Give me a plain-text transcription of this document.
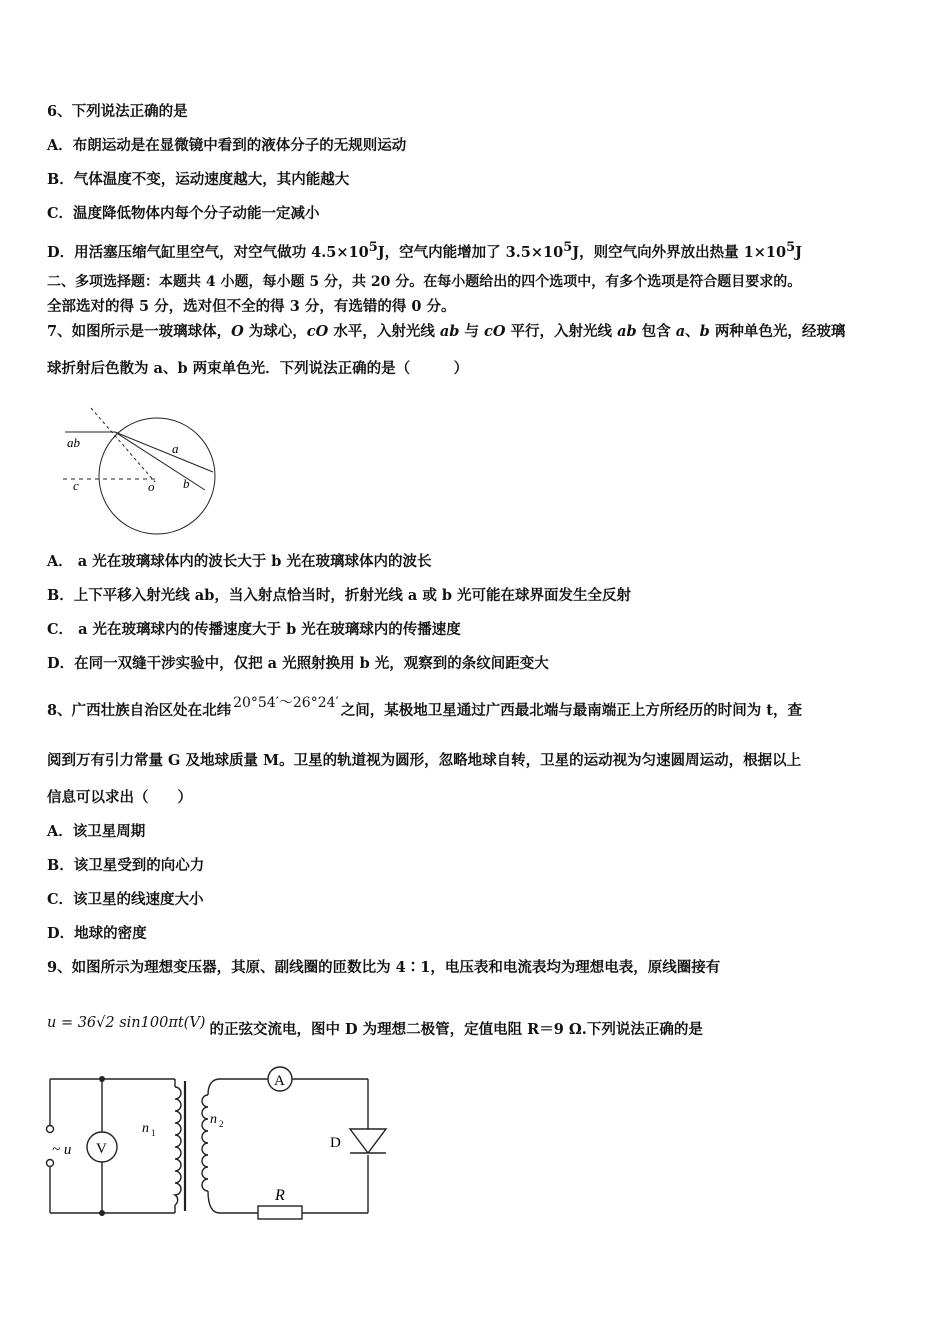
6、下列说法正确的是
A．布朗运动是在显微镜中看到的液体分子的无规则运动
B．气体温度不变，运动速度越大，其内能越大
C．温度降低物体内每个分子动能一定减小
D．用活塞压缩气缸里空气，对空气做功 $4.5\times 10^5J$，空气内能增加了 $3.5\times 10^5J$，则空气向外界放出热量 $1\times 10^5J$
二、多项选择题：本题共 4 小题，每小题 5 分，共 20 分。在每小题给出的四个选项中，有多个选项是符合题目要求的。
全部选对的得 5 分，选对但不全的得 3 分，有选错的得 0 分。
7、如图所示是一玻璃球体，O 为球心，cO 水平，入射光线 ab 与 cO 平行，入射光线 ab 包含 a、b 两种单色光，经玻璃
球折射后色散为 a、b 两束单色光．下列说法正确的是（　　　）
ab	a
b
c	o
A． a 光在玻璃球体内的波长大于 b 光在玻璃球体内的波长
B．上下平移入射光线 ab，当入射点恰当时，折射光线 a 或 b 光可能在球界面发生全反射
C． a 光在玻璃球内的传播速度大于 b 光在玻璃球内的传播速度
D．在同一双缝干涉实验中，仅把 a 光照射换用 b 光，观察到的条纹间距变大
8、广西壮族自治区处在北纬 20°54′～26°24′ 之间，某极地卫星通过广西最北端与最南端正上方所经历的时间为 t，查
阅到万有引力常量 G 及地球质量 M。卫星的轨道视为圆形，忽略地球自转，卫星的运动视为匀速圆周运动，根据以上
信息可以求出（　　）
A．该卫星周期
B．该卫星受到的向心力
C．该卫星的线速度大小
D．地球的密度
9、如图所示为理想变压器，其原、副线圈的匝数比为 4∶1，电压表和电流表均为理想电表，原线圈接有
u = 36√2 sin100πt(V) 的正弦交流电，图中 D 为理想二极管，定值电阻 R＝9 Ω.下列说法正确的是
~ u V
n 1
n 2
A
D
R
